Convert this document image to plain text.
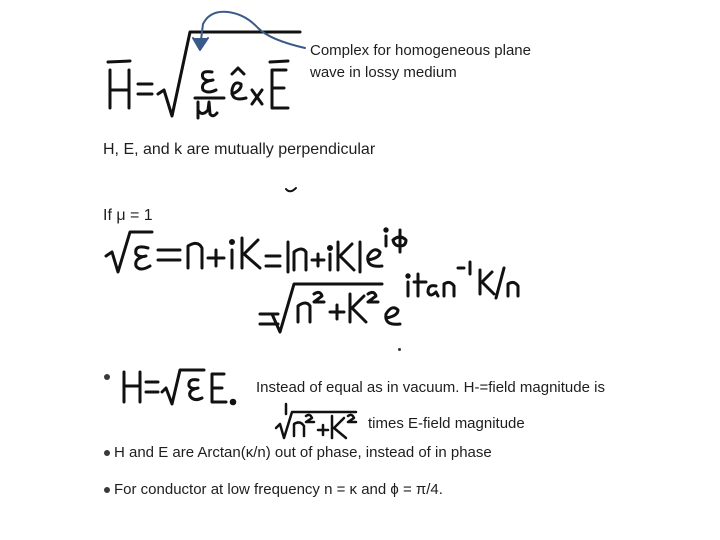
Complex for homogeneous plane
wave in lossy medium
H, E, and k are mutually perpendicular
If μ = 1
Instead of equal as in vacuum. H-=field magnitude is
times E-field magnitude
H and E are Arctan(κ/n) out of phase, instead of in phase
For conductor at low frequency n = κ and ϕ = π/4.
